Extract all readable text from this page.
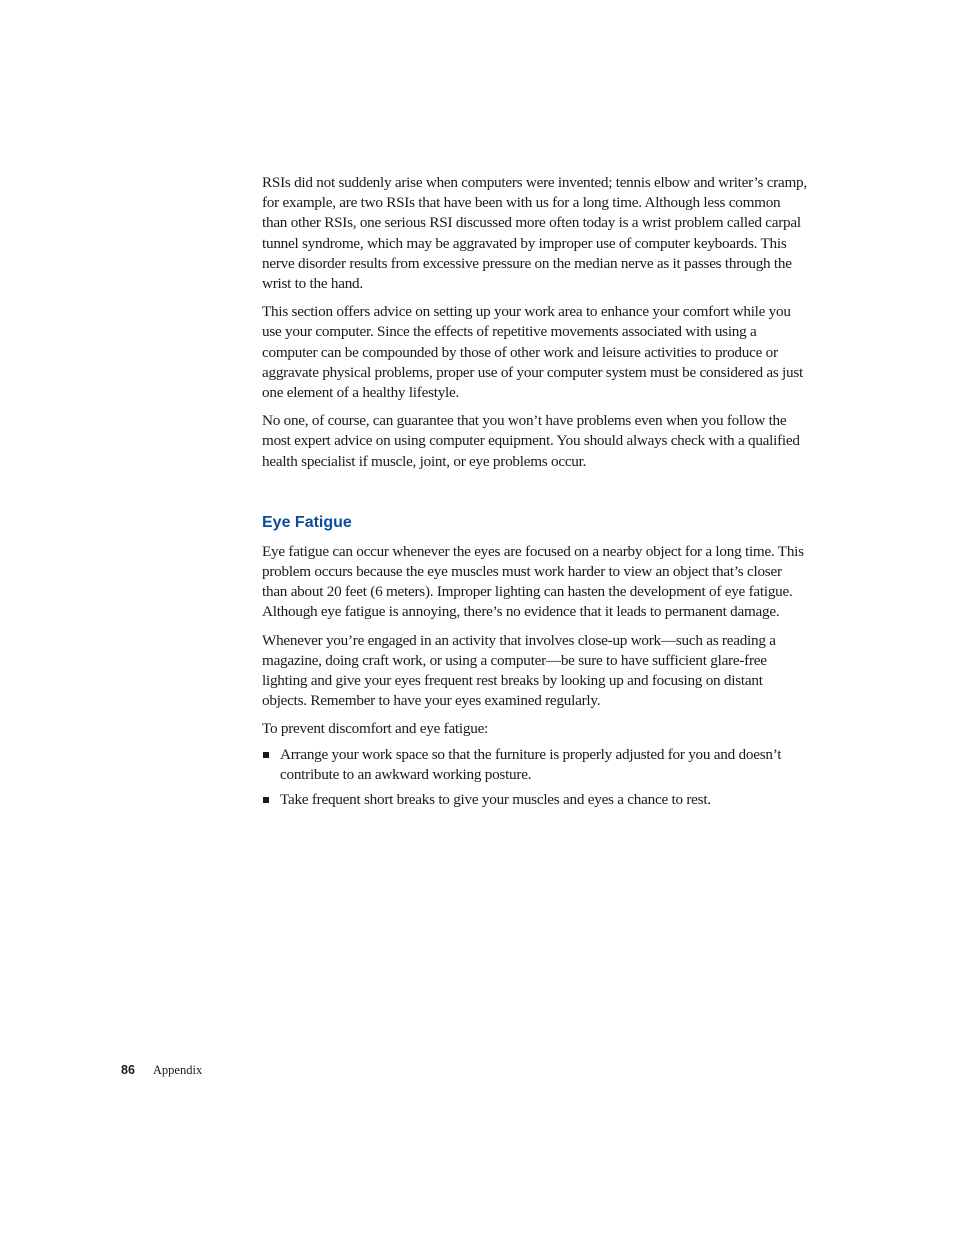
RSIs did not suddenly arise when computers were invented; tennis elbow and writer’s cramp, for example, are two RSIs that have been with us for a long time. Although less common than other RSIs, one serious RSI discussed more often today is a wrist problem called carpal tunnel syndrome, which may be aggravated by improper use of computer keyboards. This nerve disorder results from excessive pressure on the median nerve as it passes through the wrist to the hand.

This section offers advice on setting up your work area to enhance your comfort while you use your computer. Since the effects of repetitive movements associated with using a computer can be compounded by those of other work and leisure activities to produce or aggravate physical problems, proper use of your computer system must be considered as just one element of a healthy lifestyle.

No one, of course, can guarantee that you won’t have problems even when you follow the most expert advice on using computer equipment. You should always check with a qualified health specialist if muscle, joint, or eye problems occur.

Eye Fatigue

Eye fatigue can occur whenever the eyes are focused on a nearby object for a long time. This problem occurs because the eye muscles must work harder to view an object that’s closer than about 20 feet (6 meters). Improper lighting can hasten the development of eye fatigue. Although eye fatigue is annoying, there’s no evidence that it leads to permanent damage.

Whenever you’re engaged in an activity that involves close-up work—such as reading a magazine, doing craft work, or using a computer—be sure to have sufficient glare-free lighting and give your eyes frequent rest breaks by looking up and focusing on distant objects. Remember to have your eyes examined regularly.

To prevent discomfort and eye fatigue:

Arrange your work space so that the furniture is properly adjusted for you and doesn’t contribute to an awkward working posture.
Take frequent short breaks to give your muscles and eyes a chance to rest.
86 Appendix
